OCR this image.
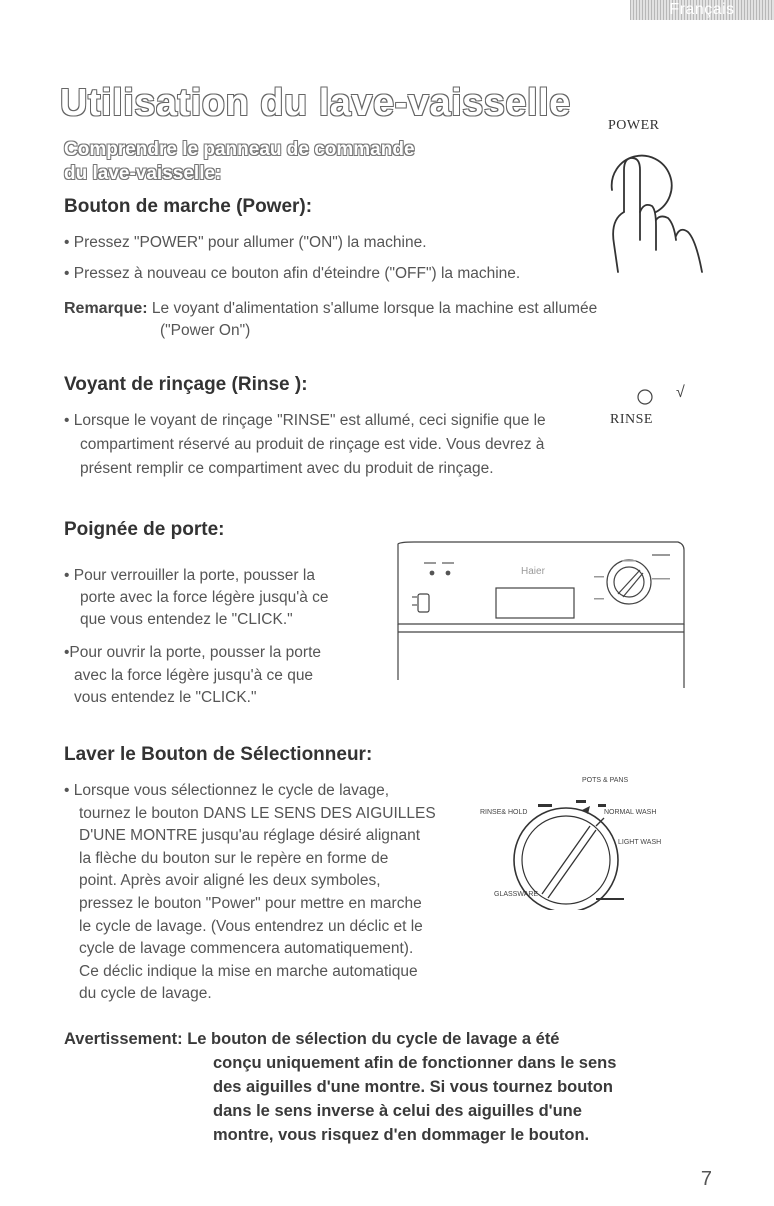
Français
Utilisation du lave-vaisselle
Comprendre le panneau de commande
du lave-vaisselle:
POWER
Bouton de marche (Power):
• Pressez "POWER" pour allumer ("ON") la machine.
• Pressez à nouveau ce bouton afin d'éteindre ("OFF") la machine.
Remarque: Le voyant d'alimentation s'allume lorsque la machine est allumée
("Power On")
Voyant de rinçage (Rinse ):	√
RINSE
• Lorsque le voyant de rinçage "RINSE" est allumé, ceci signifie que le
compartiment réservé au produit de rinçage est vide. Vous devrez à
présent remplir ce compartiment avec du produit de rinçage.
Poignée de porte:
• Pour verrouiller la porte, pousser la
porte avec la force légère jusqu'à ce
que vous entendez le "CLICK."
•Pour ouvrir la porte, pousser la porte
avec la force légère jusqu'à ce que
vous entendez le "CLICK."
Haier
Laver le Bouton de Sélectionneur:
• Lorsque vous sélectionnez le cycle de lavage,
tournez le bouton DANS LE SENS DES AIGUILLES
D'UNE MONTRE jusqu'au réglage désiré alignant
la flèche du bouton sur le repère en forme de
point. Après avoir aligné les deux symboles,
pressez le bouton "Power" pour mettre en marche
le cycle de lavage. (Vous entendrez un déclic et le
cycle de lavage commencera automatiquement).
Ce déclic indique la mise en marche automatique
du cycle de lavage.
POTS & PANS
RINSE& HOLD	NORMAL WASH
LIGHT WASH
GLASSWARE
Avertissement: Le bouton de sélection du cycle de lavage a été
conçu uniquement afin de fonctionner dans le sens
des aiguilles d'une montre. Si vous tournez bouton
dans le sens inverse à celui des aiguilles d'une
montre, vous risquez d'en dommager le bouton.
7
